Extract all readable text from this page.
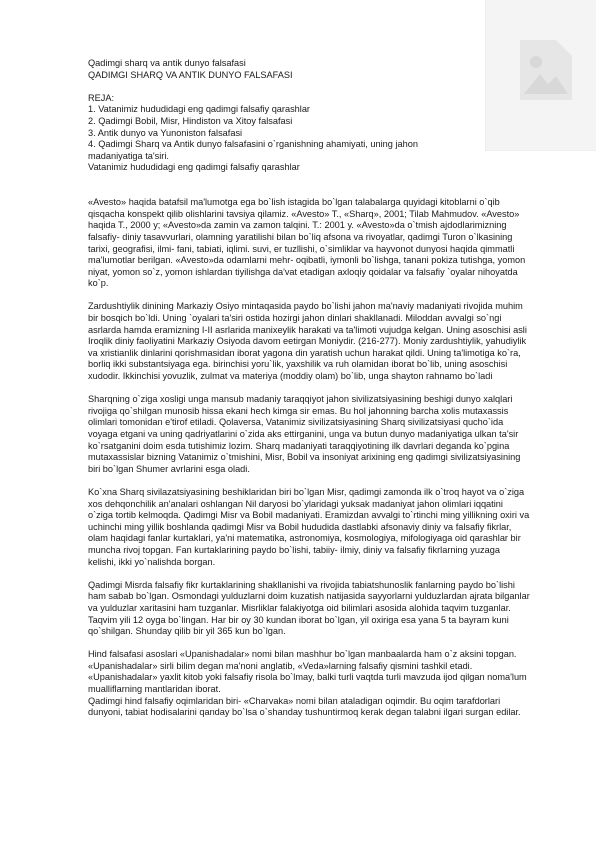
Qadimgi sharq va antik dunyo falsafasi
QADIMGI SHARQ VA ANTIK DUNYO FALSAFASI
REJA:
1. Vatanimiz hududidagi eng qadimgi falsafiy qarashlar
2. Qadimgi Bobil, Misr, Hindiston va Xitoy falsafasi
3. Antik dunyo va Yunoniston falsafasi
4. Qadimgi Sharq va Antik dunyo falsafasini o`rganishning ahamiyati, uning jahon madaniyatiga ta'siri.
Vatanimiz hududidagi eng qadimgi falsafiy qarashlar

«Avesto» haqida batafsil ma'lumotga ega bo`lish istagida bo`lgan talabalarga quyidagi kitoblarni o`qib qisqacha konspekt qilib olishlarini tavsiya qilamiz. «Avesto» T., «Sharq», 2001; Tilab Mahmudov. «Avesto» haqida T., 2000 y; «Avesto»da zamin va zamon talqini. T.: 2001 y. «Avesto»da o`tmish ajdodlarimizning falsafiy- diniy tasavvurlari, olamning yaratilishi bilan bo`liq afsona va rivoyatlar, qadimgi Turon o`lkasining tarixi, geografisi, ilmi- fani, tabiati, iqlimi. suvi, er tuzllishi, o`simliklar va hayvonot dunyosi haqida qimmatli ma'lumotlar berilgan. «Avesto»da odamlarni mehr- oqibatli, iymonli bo`lishga, tanani pokiza tutishga, yomon niyat, yomon so`z, yomon ishlardan tiyilishga da'vat etadigan axloqiy qoidalar va falsafiy `oyalar nihoyatda ko`p.

Zardushtiylik dinining Markaziy Osiyo mintaqasida paydo bo`lishi jahon ma'naviy madaniyati rivojida muhim bir bosqich bo`ldi. Uning `oyalari ta'siri ostida hozirgi jahon dinlari shakllanadi. Miloddan avvalgi so`ngi asrlarda hamda eramizning I-II asrlarida manixeylik harakati va ta'limoti vujudga kelgan. Uning asoschisi asli Iroqlik diniy faoliyatini Markaziy Osiyoda davom eetirgan Moniydir. (216-277). Moniy zardushtiylik, yahudiylik va xristianlik dinlarini qorishmasidan iborat yagona din yaratish uchun harakat qildi. Uning ta'limotiga ko`ra, borliq ikki substantsiyaga ega. birinchisi yoru`lik, yaxshilik va ruh olamidan iborat bo`lib, uning asoschisi xudodir. Ikkinchisi yovuzlik, zulmat va materiya (moddiy olam) bo`lib, unga shayton rahnamo bo`ladi

Sharqning o`ziga xosligi unga mansub madaniy taraqqiyot jahon sivilizatsiyasining beshigi dunyo xalqlari rivojiga qo`shilgan munosib hissa ekani hech kimga sir emas. Bu hol jahonning barcha xolis mutaxassis olimlari tomonidan e'tirof etiladi. Qolaversa, Vatanimiz sivilizatsiyasining Sharq sivilizatsiyasi qucho`ida voyaga etgani va uning qadriyatlarini o`zida aks ettirganini, unga va butun dunyo madaniyatiga ulkan ta'sir ko`rsatganini doim esda tutishimiz lozim. Sharq madaniyati taraqqiyotining ilk davrlari deganda ko`pgina mutaxassislar bizning Vatanimiz o`tmishini, Misr, Bobil va insoniyat arixining eng qadimgi sivilizatsiyasining biri bo`lgan Shumer avrlarini esga oladi.

Ko`xna Sharq sivilazatsiyasining beshiklaridan biri bo`lgan Misr, qadimgi zamonda ilk o`troq hayot va o`ziga xos dehqonchilik an'analari oshlangan Nil daryosi bo`ylaridagi yuksak madaniyat jahon olimlari iqqatini o`ziga tortib kelmoqda. Qadimgi Misr va Bobil madaniyati. Eramizdan avvalgi to`rtinchi ming yillikning oxiri va uchinchi ming yillik boshlanda qadimgi Misr va Bobil hududida dastlabki afsonaviy diniy va falsafiy fikrlar, olam haqidagi fanlar kurtaklari, ya'ni matematika, astronomiya, kosmologiya, mifologiyaga oid qarashlar bir muncha rivoj topgan. Fan kurtaklarining paydo bo`lishi, tabiiy- ilmiy, diniy va falsafiy fikrlarning yuzaga kelishi, ikki yo`nalishda borgan.

Qadimgi Misrda falsafiy fikr kurtaklarining shakllanishi va rivojida tabiatshunoslik fanlarning paydo bo`lishi ham sabab bo`lgan. Osmondagi yulduzlarni doim kuzatish natijasida sayyorlarni yulduzlardan ajrata bilganlar va yulduzlar xaritasini ham tuzganlar. Misrliklar falakiyotga oid bilimlari asosida alohida taqvim tuzganlar. Taqvim yili 12 oyga bo`lingan. Har bir oy 30 kundan iborat bo`lgan, yil oxiriga esa yana 5 ta bayram kuni qo`shilgan. Shunday qilib bir yil 365 kun bo`lgan.

Hind falsafasi asoslari «Upanishadalar» nomi bilan mashhur bo`lgan manbaalarda ham o`z aksini topgan. «Upanishadalar» sirli bilim degan ma'noni anglatib, «Veda»larning falsafiy qismini tashkil etadi.
«Upanishadalar» yaxlit kitob yoki falsafiy risola bo`lmay, balki turli vaqtda turli mavzuda ijod qilgan noma'lum mualliflarning mantlaridan iborat.
Qadimgi hind falsafiy oqimlaridan biri- «Charvaka» nomi bilan ataladigan oqimdir. Bu oqim tarafdorlari dunyoni, tabiat hodisalarini qanday bo`lsa o`shanday tushuntirmoq kerak degan talabni ilgari surgan edilar.
